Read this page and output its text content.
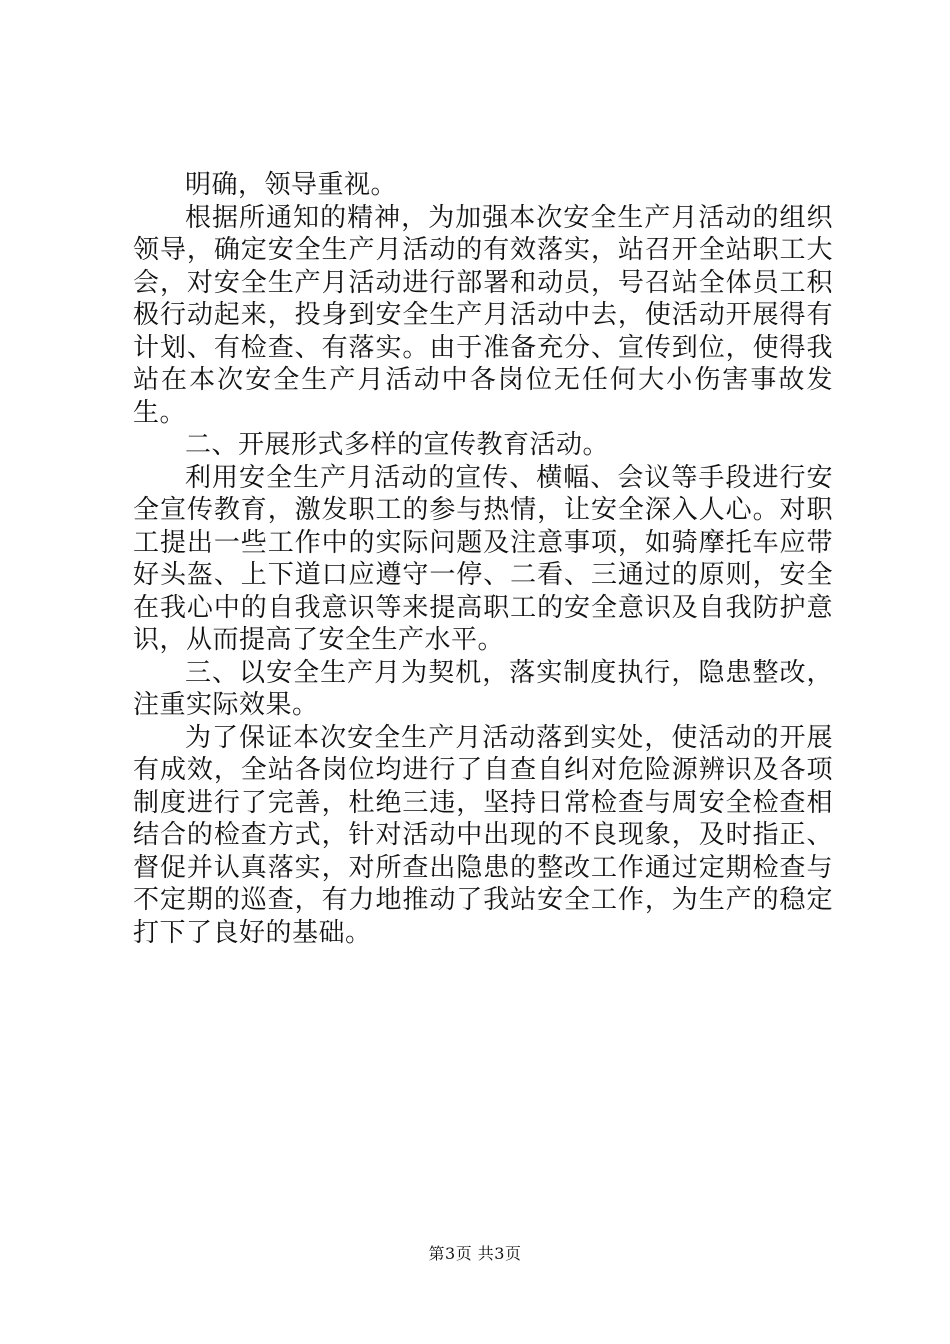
明确，领导重视。

根据所通知的精神，为加强本次安全生产月活动的组织领导，确定安全生产月活动的有效落实，站召开全站职工大会，对安全生产月活动进行部署和动员，号召站全体员工积极行动起来，投身到安全生产月活动中去，使活动开展得有计划、有检查、有落实。由于准备充分、宣传到位，使得我站在本次安全生产月活动中各岗位无任何大小伤害事故发生。

二、开展形式多样的宣传教育活动。

利用安全生产月活动的宣传、横幅、会议等手段进行安全宣传教育，激发职工的参与热情，让安全深入人心。对职工提出一些工作中的实际问题及注意事项，如骑摩托车应带好头盔、上下道口应遵守一停、二看、三通过的原则，安全在我心中的自我意识等来提高职工的安全意识及自我防护意识，从而提高了安全生产水平。

三、以安全生产月为契机，落实制度执行，隐患整改，注重实际效果。

为了保证本次安全生产月活动落到实处，使活动的开展有成效，全站各岗位均进行了自查自纠对危险源辨识及各项制度进行了完善，杜绝三违，坚持日常检查与周安全检查相结合的检查方式，针对活动中出现的不良现象，及时指正、督促并认真落实，对所查出隐患的整改工作通过定期检查与不定期的巡查，有力地推动了我站安全工作，为生产的稳定打下了良好的基础。

第3页 共3页
